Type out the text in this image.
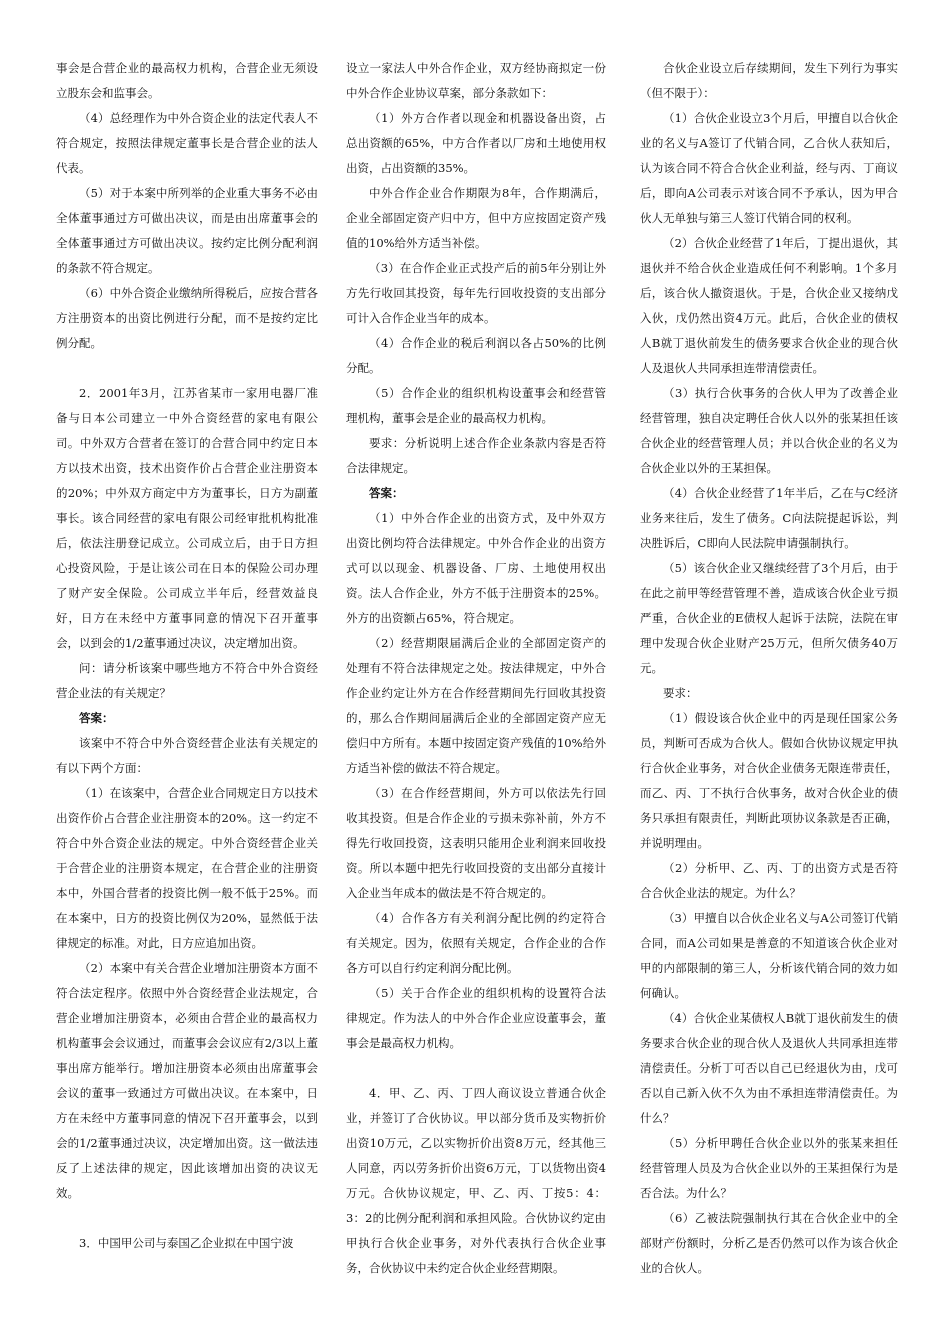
事会是合营企业的最高权力机构，合营企业无须设立股东会和监事会。

（4）总经理作为中外合资企业的法定代表人不符合规定，按照法律规定董事长是合营企业的法人代表。

（5）对于本案中所列举的企业重大事务不必由全体董事通过方可做出决议，而是由出席董事会的全体董事通过方可做出决议。按约定比例分配利润的条款不符合规定。

（6）中外合资企业缴纳所得税后，应按合营各方注册资本的出资比例进行分配，而不是按约定比例分配。

2．2001年3月，江苏省某市一家用电器厂准备与日本公司建立一中外合资经营的家电有限公司。中外双方合营者在签订的合营合同中约定日本方以技术出资，技术出资作价占合营企业注册资本的20%；中外双方商定中方为董事长，日方为副董事长。该合同经营的家电有限公司经审批机构批准后，依法注册登记成立。公司成立后，由于日方担心投资风险，于是让该公司在日本的保险公司办理了财产安全保险。公司成立半年后，经营效益良好，日方在未经中方董事同意的情况下召开董事会，以到会的1/2董事通过决议，决定增加出资。

问：请分析该案中哪些地方不符合中外合资经营企业法的有关规定？

答案：

该案中不符合中外合资经营企业法有关规定的有以下两个方面：

（1）在该案中，合营企业合同规定日方以技术出资作价占合营企业注册资本的20%。这一约定不符合中外合资企业法的规定。中外合资经营企业关于合营企业的注册资本规定，在合营企业的注册资本中，外国合营者的投资比例一般不低于25%。而在本案中，日方的投资比例仅为20%，显然低于法律规定的标准。对此，日方应追加出资。

（2）本案中有关合营企业增加注册资本方面不符合法定程序。依照中外合资经营企业法规定，合营企业增加注册资本，必须由合营企业的最高权力机构董事会会议通过，而董事会会议应有2/3以上董事出席方能举行。增加注册资本必须由出席董事会会议的董事一致通过方可做出决议。在本案中，日方在未经中方董事同意的情况下召开董事会，以到会的1/2董事通过决议，决定增加出资。这一做法违反了上述法律的规定，因此该增加出资的决议无效。

3．中国甲公司与泰国乙企业拟在中国宁波

设立一家法人中外合作企业，双方经协商拟定一份中外合作企业协议草案，部分条款如下：

（1）外方合作者以现金和机器设备出资，占总出资额的65%，中方合作者以厂房和土地使用权出资，占出资额的35%。

中外合作企业合作期限为8年，合作期满后，企业全部固定资产归中方，但中方应按固定资产残值的10%给外方适当补偿。

（3）在合作企业正式投产后的前5年分别让外方先行收回其投资，每年先行回收投资的支出部分可计入合作企业当年的成本。

（4）合作企业的税后利润以各占50%的比例分配。

（5）合作企业的组织机构设董事会和经营管理机构，董事会是企业的最高权力机构。

要求：分析说明上述合作企业条款内容是否符合法律规定。

答案：

（1）中外合作企业的出资方式，及中外双方出资比例均符合法律规定。中外合作企业的出资方式可以以现金、机器设备、厂房、土地使用权出资。法人合作企业，外方不低于注册资本的25%。外方的出资额占65%，符合规定。

（2）经营期限届满后企业的全部固定资产的处理有不符合法律规定之处。按法律规定，中外合作企业约定让外方在合作经营期间先行回收其投资的，那么合作期间届满后企业的全部固定资产应无偿归中方所有。本题中按固定资产残值的10%给外方适当补偿的做法不符合规定。

（3）在合作经营期间，外方可以依法先行回收其投资。但是合作企业的亏损未弥补前，外方不得先行收回投资，这表明只能用企业利润来回收投资。所以本题中把先行收回投资的支出部分直接计入企业当年成本的做法是不符合规定的。

（4）合作各方有关利润分配比例的约定符合有关规定。因为，依照有关规定，合作企业的合作各方可以自行约定利润分配比例。

（5）关于合作企业的组织机构的设置符合法律规定。作为法人的中外合作企业应设董事会，董事会是最高权力机构。

4．甲、乙、丙、丁四人商议设立普通合伙企业，并签订了合伙协议。甲以部分货币及实物折价出资10万元，乙以实物折价出资8万元，经其他三人同意，丙以劳务折价出资6万元，丁以货物出资4万元。合伙协议规定，甲、乙、丙、丁按5：4：3：2的比例分配利润和承担风险。合伙协议约定由甲执行合伙企业事务，对外代表执行合伙企业事务，合伙协议中未约定合伙企业经营期限。

合伙企业设立后存续期间，发生下列行为事实（但不限于）：

（1）合伙企业设立3个月后，甲擅自以合伙企业的名义与A签订了代销合同，乙合伙人获知后，认为该合同不符合合伙企业利益，经与丙、丁商议后，即向A公司表示对该合同不予承认，因为甲合伙人无单独与第三人签订代销合同的权利。

（2）合伙企业经营了1年后，丁提出退伙，其退伙并不给合伙企业造成任何不利影响。1个多月后，该合伙人撤资退伙。于是，合伙企业又接纳戊入伙，戊仍然出资4万元。此后，合伙企业的债权人B就丁退伙前发生的债务要求合伙企业的现合伙人及退伙人共同承担连带清偿责任。

（3）执行合伙事务的合伙人甲为了改善企业经营管理，独自决定聘任合伙人以外的张某担任该合伙企业的经营管理人员；并以合伙企业的名义为合伙企业以外的王某担保。

（4）合伙企业经营了1年半后，乙在与C经济业务来往后，发生了债务。C向法院提起诉讼，判决胜诉后，C即向人民法院申请强制执行。

（5）该合伙企业又继续经营了3个月后，由于在此之前甲等经营管理不善，造成该合伙企业亏损严重，合伙企业的E债权人起诉于法院，法院在审理中发现合伙企业财产25万元，但所欠债务40万元。

要求：

（1）假设该合伙企业中的丙是现任国家公务员，判断可否成为合伙人。假如合伙协议规定甲执行合伙企业事务，对合伙企业债务无限连带责任，而乙、丙、丁不执行合伙事务，故对合伙企业的债务只承担有限责任，判断此项协议条款是否正确，并说明理由。

（2）分析甲、乙、丙、丁的出资方式是否符合合伙企业法的规定。为什么？

（3）甲擅自以合伙企业名义与A公司签订代销合同，而A公司如果是善意的不知道该合伙企业对甲的内部限制的第三人，分析该代销合同的效力如何确认。

（4）合伙企业某债权人B就丁退伙前发生的债务要求合伙企业的现合伙人及退伙人共同承担连带清偿责任。分析丁可否以自己已经退伙为由，戊可否以自己新入伙不久为由不承担连带清偿责任。为什么？

（5）分析甲聘任合伙企业以外的张某来担任经营管理人员及为合伙企业以外的王某担保行为是否合法。为什么？

（6）乙被法院强制执行其在合伙企业中的全部财产份额时，分析乙是否仍然可以作为该合伙企业的合伙人。
